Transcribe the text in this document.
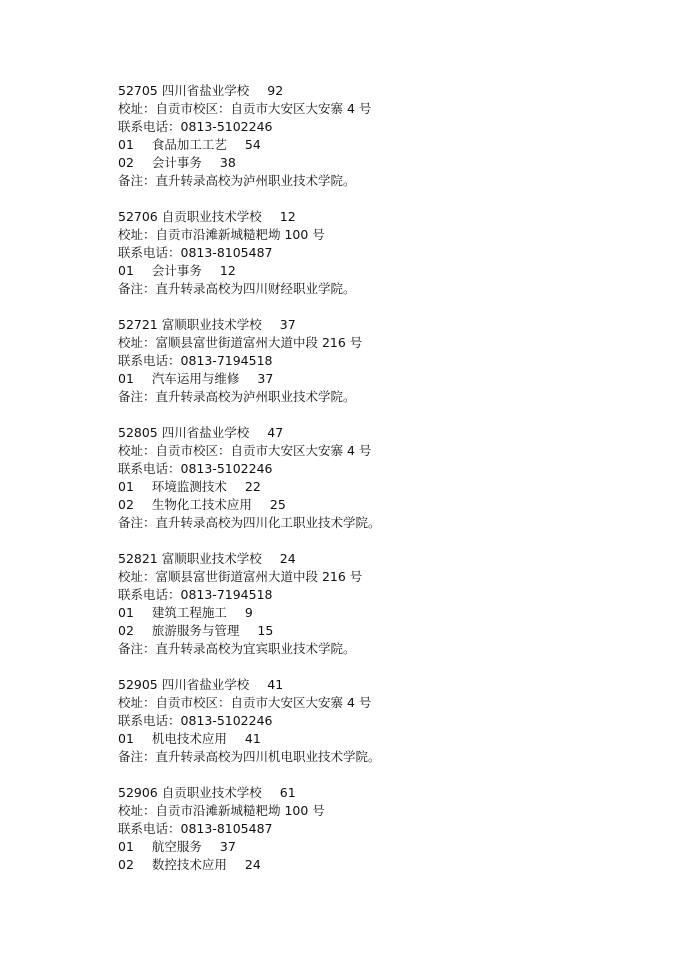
52705 四川省盐业学校 92
校址：自贡市校区：自贡市大安区大安寨 4 号
联系电话：0813-5102246
01 食品加工工艺 54
02 会计事务 38
备注：直升转录高校为泸州职业技术学院。
52706 自贡职业技术学校 12
校址：自贡市沿滩新城糙粑坳 100 号
联系电话：0813-8105487
01 会计事务 12
备注：直升转录高校为四川财经职业学院。
52721 富顺职业技术学校 37
校址：富顺县富世街道富州大道中段 216 号
联系电话：0813-7194518
01 汽车运用与维修 37
备注：直升转录高校为泸州职业技术学院。
52805 四川省盐业学校 47
校址：自贡市校区：自贡市大安区大安寨 4 号
联系电话：0813-5102246
01 环境监测技术 22
02 生物化工技术应用 25
备注：直升转录高校为四川化工职业技术学院。
52821 富顺职业技术学校 24
校址：富顺县富世街道富州大道中段 216 号
联系电话：0813-7194518
01 建筑工程施工 9
02 旅游服务与管理 15
备注：直升转录高校为宜宾职业技术学院。
52905 四川省盐业学校 41
校址：自贡市校区：自贡市大安区大安寨 4 号
联系电话：0813-5102246
01 机电技术应用 41
备注：直升转录高校为四川机电职业技术学院。
52906 自贡职业技术学校 61
校址：自贡市沿滩新城糙粑坳 100 号
联系电话：0813-8105487
01 航空服务 37
02 数控技术应用 24
